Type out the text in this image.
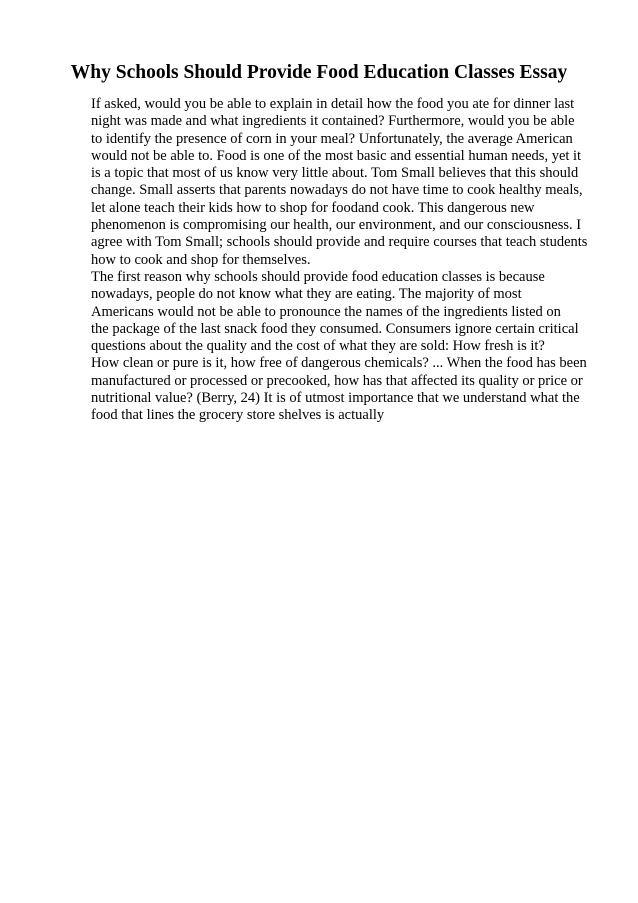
Why Schools Should Provide Food Education Classes Essay
If asked, would you be able to explain in detail how the food you ate for dinner last
night was made and what ingredients it contained? Furthermore, would you be able
to identify the presence of corn in your meal? Unfortunately, the average American
would not be able to. Food is one of the most basic and essential human needs, yet it
is a topic that most of us know very little about. Tom Small believes that this should
change. Small asserts that parents nowadays do not have time to cook healthy meals,
let alone teach their kids how to shop for foodand cook. This dangerous new
phenomenon is compromising our health, our environment, and our consciousness. I
agree with Tom Small; schools should provide and require courses that teach students
how to cook and shop for themselves.
The first reason why schools should provide food education classes is because
nowadays, people do not know what they are eating. The majority of most
Americans would not be able to pronounce the names of the ingredients listed on
the package of the last snack food they consumed. Consumers ignore certain critical
questions about the quality and the cost of what they are sold: How fresh is it?
How clean or pure is it, how free of dangerous chemicals? ... When the food has been
manufactured or processed or precooked, how has that affected its quality or price or
nutritional value? (Berry, 24) It is of utmost importance that we understand what the
food that lines the grocery store shelves is actually
